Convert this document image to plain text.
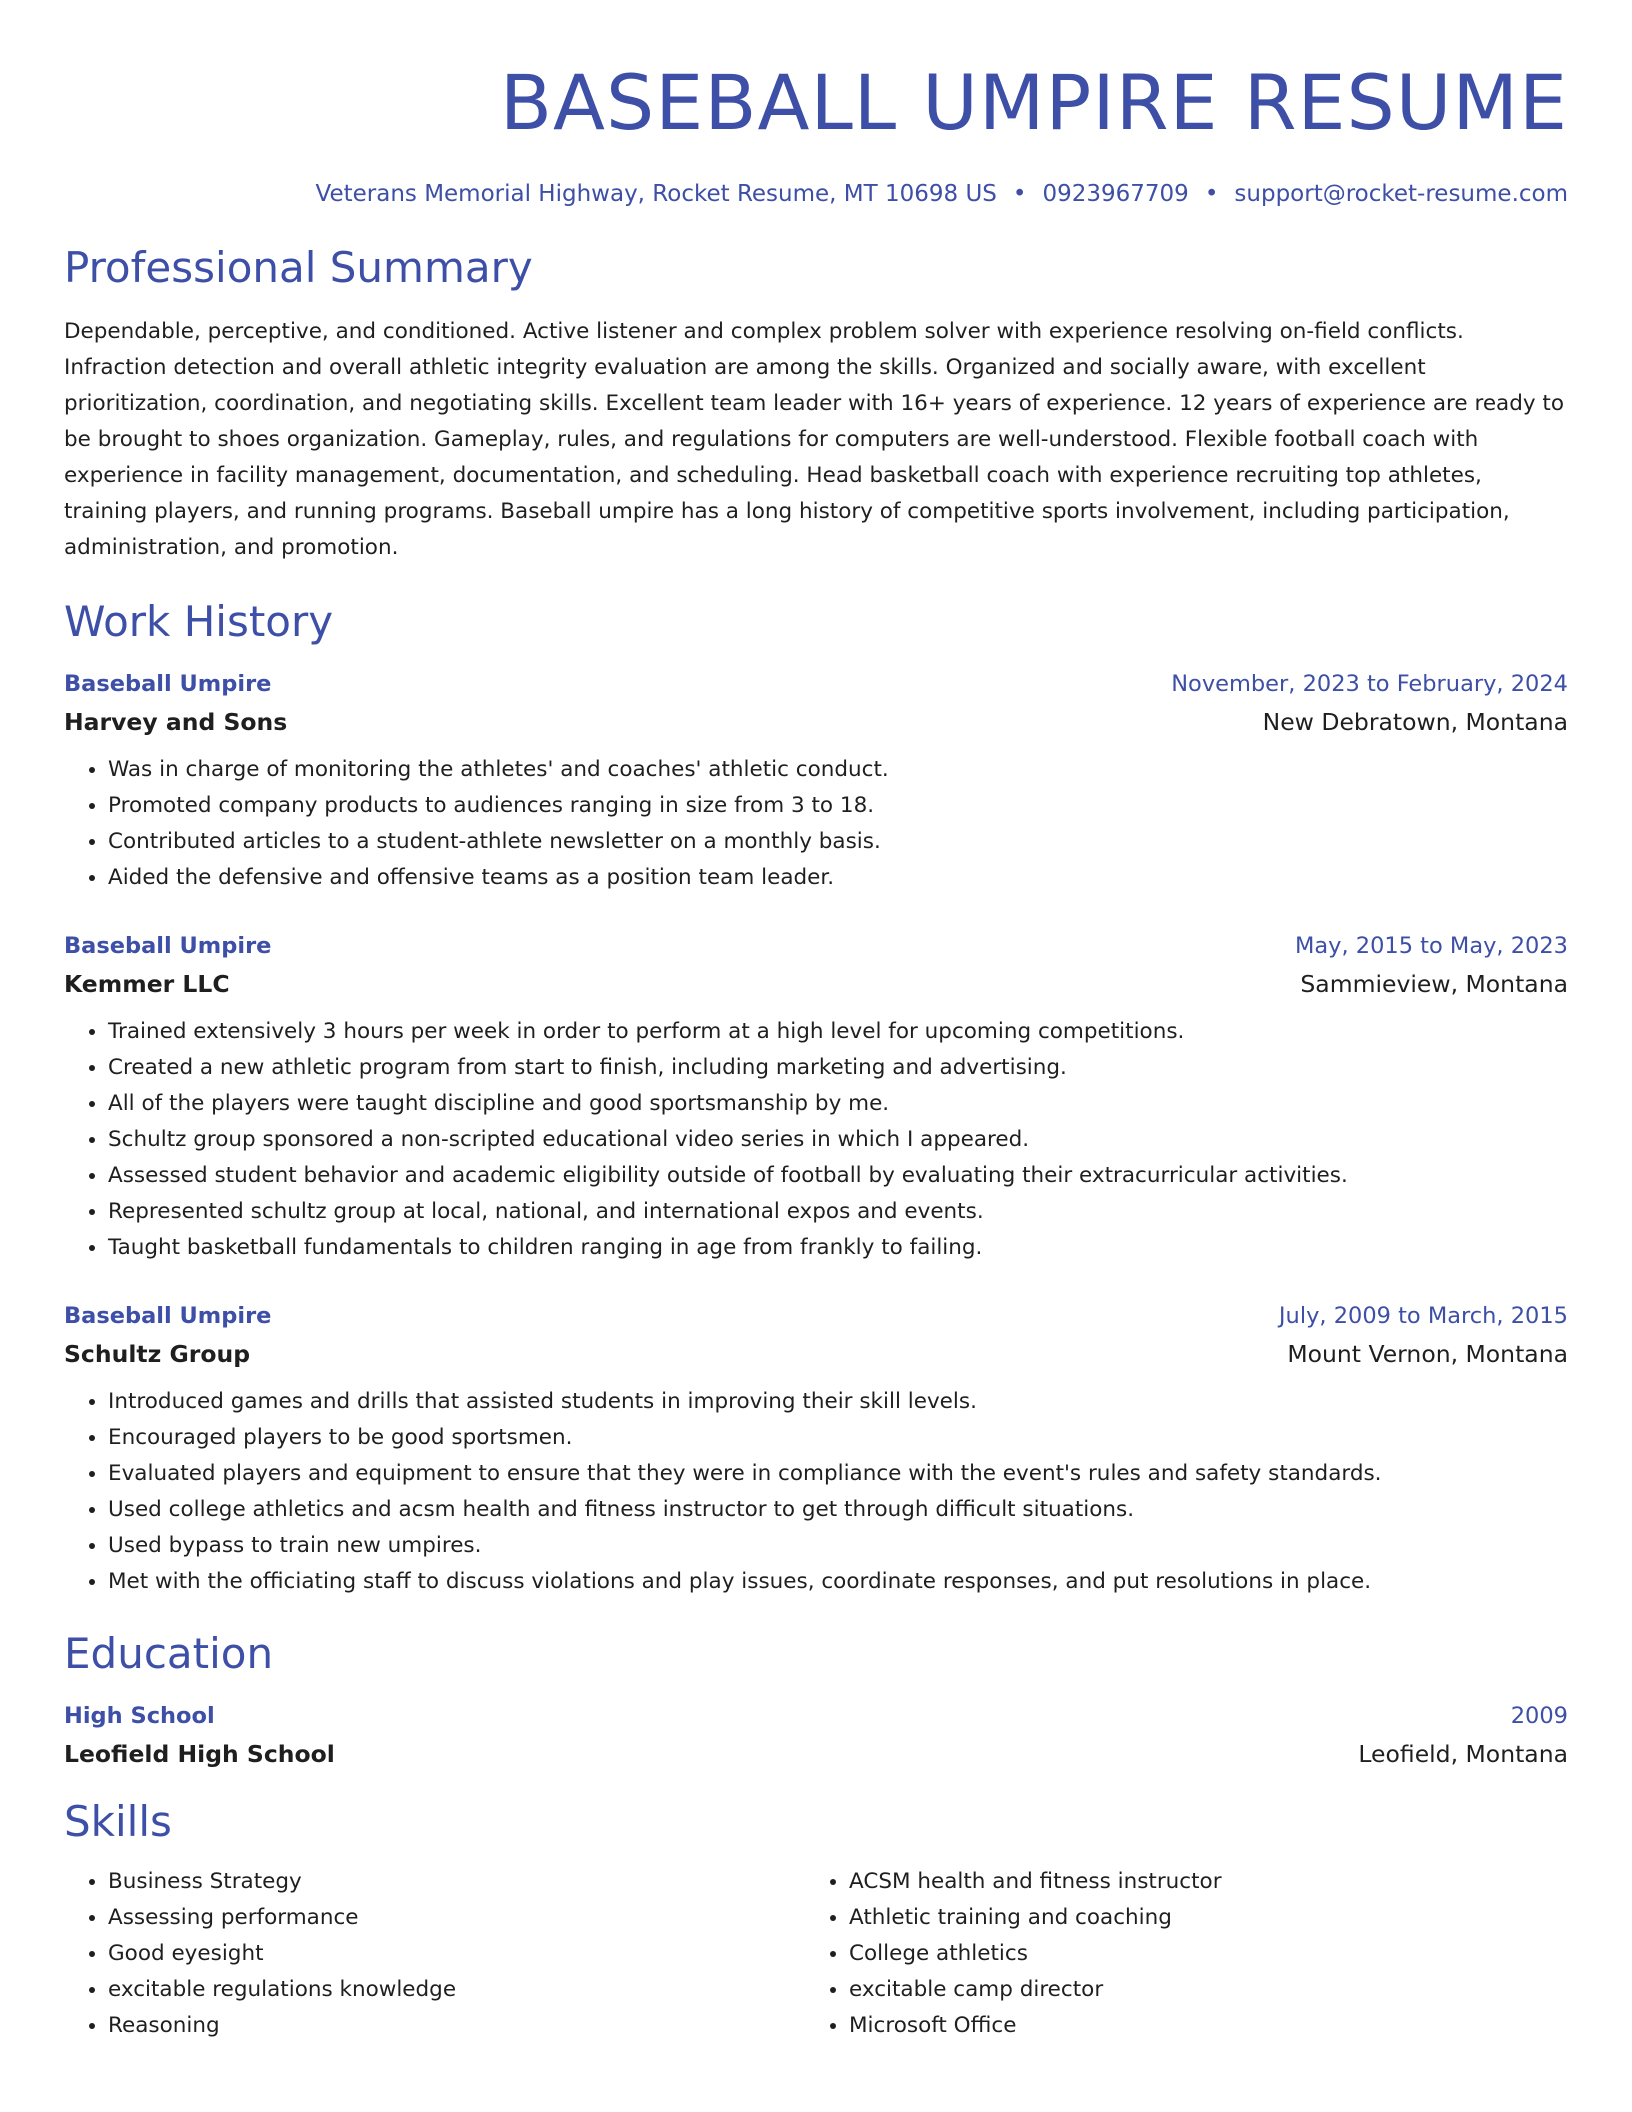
BASEBALL UMPIRE RESUME
Veterans Memorial Highway, Rocket Resume, MT 10698 US • 0923967709 • support@rocket-resume.com
Professional Summary

Dependable, perceptive, and conditioned. Active listener and complex problem solver with experience resolving on-field conflicts. Infraction detection and overall athletic integrity evaluation are among the skills. Organized and socially aware, with excellent prioritization, coordination, and negotiating skills. Excellent team leader with 16+ years of experience. 12 years of experience are ready to be brought to shoes organization. Gameplay, rules, and regulations for computers are well-understood. Flexible football coach with experience in facility management, documentation, and scheduling. Head basketball coach with experience recruiting top athletes, training players, and running programs. Baseball umpire has a long history of competitive sports involvement, including participation, administration, and promotion.

Work History
Baseball Umpire	November, 2023 to February, 2024
Harvey and Sons	New Debratown, Montana
• Was in charge of monitoring the athletes' and coaches' athletic conduct.
• Promoted company products to audiences ranging in size from 3 to 18.
• Contributed articles to a student-athlete newsletter on a monthly basis.
• Aided the defensive and offensive teams as a position team leader.
Baseball Umpire	May, 2015 to May, 2023
Kemmer LLC	Sammieview, Montana
• Trained extensively 3 hours per week in order to perform at a high level for upcoming competitions.
• Created a new athletic program from start to finish, including marketing and advertising.
• All of the players were taught discipline and good sportsmanship by me.
• Schultz group sponsored a non-scripted educational video series in which I appeared.
• Assessed student behavior and academic eligibility outside of football by evaluating their extracurricular activities.
• Represented schultz group at local, national, and international expos and events.
• Taught basketball fundamentals to children ranging in age from frankly to failing.
Baseball Umpire	July, 2009 to March, 2015
Schultz Group	Mount Vernon, Montana
• Introduced games and drills that assisted students in improving their skill levels.
• Encouraged players to be good sportsmen.
• Evaluated players and equipment to ensure that they were in compliance with the event's rules and safety standards.
• Used college athletics and acsm health and fitness instructor to get through difficult situations.
• Used bypass to train new umpires.
• Met with the officiating staff to discuss violations and play issues, coordinate responses, and put resolutions in place.
Education
High School	2009
Leofield High School	Leofield, Montana
Skills
• Business Strategy
• Assessing performance
• Good eyesight
• excitable regulations knowledge
• Reasoning
• ACSM health and fitness instructor
• Athletic training and coaching
• College athletics
• excitable camp director
• Microsoft Office
